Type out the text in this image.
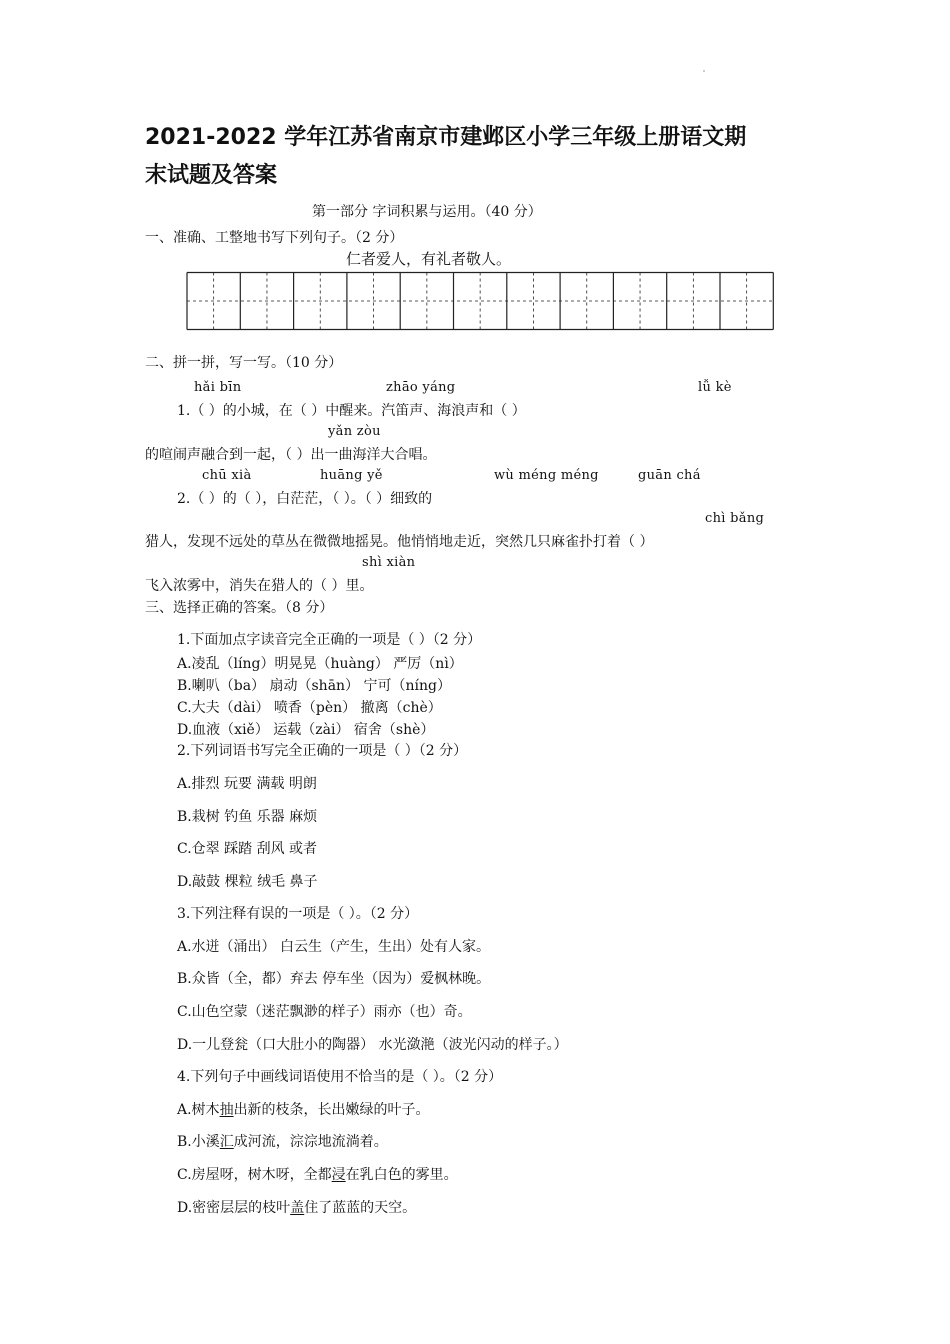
2021-2022 学年江苏省南京市建邺区小学三年级上册语文期
末试题及答案
第一部分 字词积累与运用。（40 分）
一、准确、工整地书写下列句子。（2 分）
仁者爱人，有礼者敬人。
二、拼一拼，写一写。（10 分）
hǎi bīn	zhāo yáng	lǚ kè
1.（ ）的小城，在（ ）中醒来。汽笛声、海浪声和（ ）
yǎn zòu
的喧闹声融合到一起，（ ）出一曲海洋大合唱。
chū xià	huāng yě	wù méng méng	guān chá
2.（ ）的（ ），白茫茫，（ ）。（ ）细致的
chì bǎng
猎人，发现不远处的草丛在微微地摇晃。他悄悄地走近，突然几只麻雀扑打着（ ）
shì xiàn
飞入浓雾中，消失在猎人的（ ）里。
三、选择正确的答案。（8 分）
1.下面加点字读音完全正确的一项是（ ）（2 分）
A.凌乱（líng）明晃晃（huàng） 严厉（nì）
B.喇叭（ba） 扇动（shān） 宁可（níng）
C.大夫（dài） 喷香（pèn） 撤离（chè）
D.血液（xiě） 运载（zài） 宿舍（shè）
2.下列词语书写完全正确的一项是（ ）（2 分）
A.排烈 玩要 满载 明朗
B.栽树 钓鱼 乐器 麻烦
C.仓翠 踩踏 刮风 或者
D.敲鼓 棵粒 绒毛 鼻子
3.下列注释有误的一项是（ ）。（2 分）
A.水迸（涌出） 白云生（产生，生出）处有人家。
B.众皆（全，都）弃去 停车坐（因为）爱枫林晚。
C.山色空蒙（迷茫飘渺的样子）雨亦（也）奇。
D.一儿登瓮（口大肚小的陶器） 水光潋滟（波光闪动的样子。）
4.下列句子中画线词语使用不恰当的是（ ）。（2 分）
A.树木抽出新的枝条，长出嫩绿的叶子。
B.小溪汇成河流，淙淙地流淌着。
C.房屋呀，树木呀，全都浸在乳白色的雾里。
D.密密层层的枝叶盖住了蓝蓝的天空。
